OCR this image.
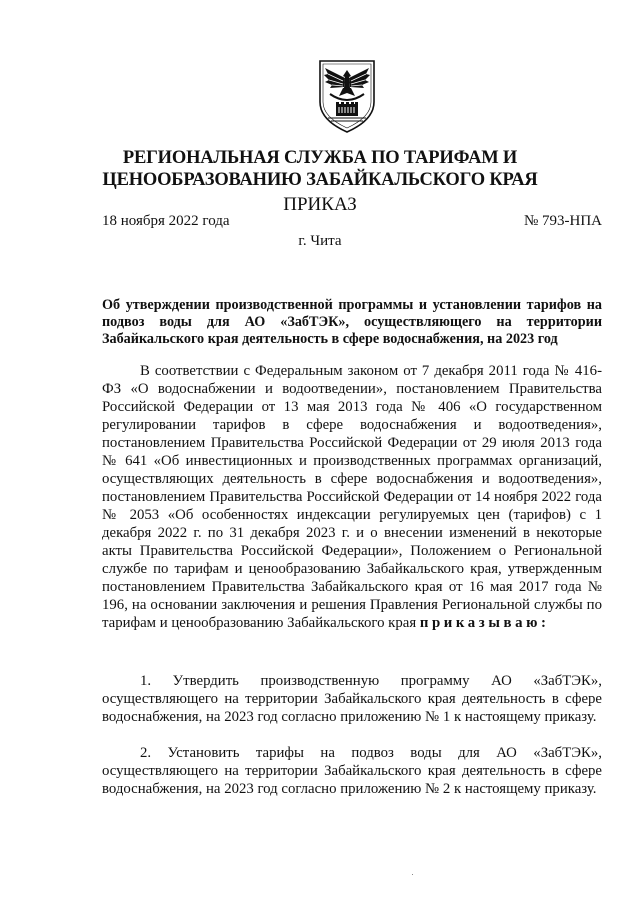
РЕГИОНАЛЬНАЯ СЛУЖБА ПО ТАРИФАМ И
ЦЕНООБРАЗОВАНИЮ ЗАБАЙКАЛЬСКОГО КРАЯ
ПРИКАЗ
18 ноября 2022 года	№ 793-НПА
г. Чита
Об утверждении производственной программы и установлении тарифов на подвоз воды для АО «ЗабТЭК», осуществляющего на территории Забайкальского края деятельность в сфере водоснабжения, на 2023 год
В соответствии с Федеральным законом от 7 декабря 2011 года № 416-ФЗ «О водоснабжении и водоотведении», постановлением Правительства Российской Федерации от 13 мая 2013 года № 406 «О государственном регулировании тарифов в сфере водоснабжения и водоотведения», постановлением Правительства Российской Федерации от 29 июля 2013 года № 641 «Об инвестиционных и производственных программах организаций, осуществляющих деятельность в сфере водоснабжения и водоотведения», постановлением Правительства Российской Федерации от 14 ноября 2022 года № 2053 «Об особенностях индексации регулируемых цен (тарифов) с 1 декабря 2022 г. по 31 декабря 2023 г. и о внесении изменений в некоторые акты Правительства Российской Федерации», Положением о Региональной службе по тарифам и ценообразованию Забайкальского края, утвержденным постановлением Правительства Забайкальского края от 16 мая 2017 года № 196, на основании заключения и решения Правления Региональной службы по тарифам и ценообразованию Забайкальского края приказываю:
1. Утвердить производственную программу АО «ЗабТЭК», осуществляющего на территории Забайкальского края деятельность в сфере водоснабжения, на 2023 год согласно приложению № 1 к настоящему приказу.
2. Установить тарифы на подвоз воды для АО «ЗабТЭК», осуществляющего на территории Забайкальского края деятельность в сфере водоснабжения, на 2023 год согласно приложению № 2 к настоящему приказу.
